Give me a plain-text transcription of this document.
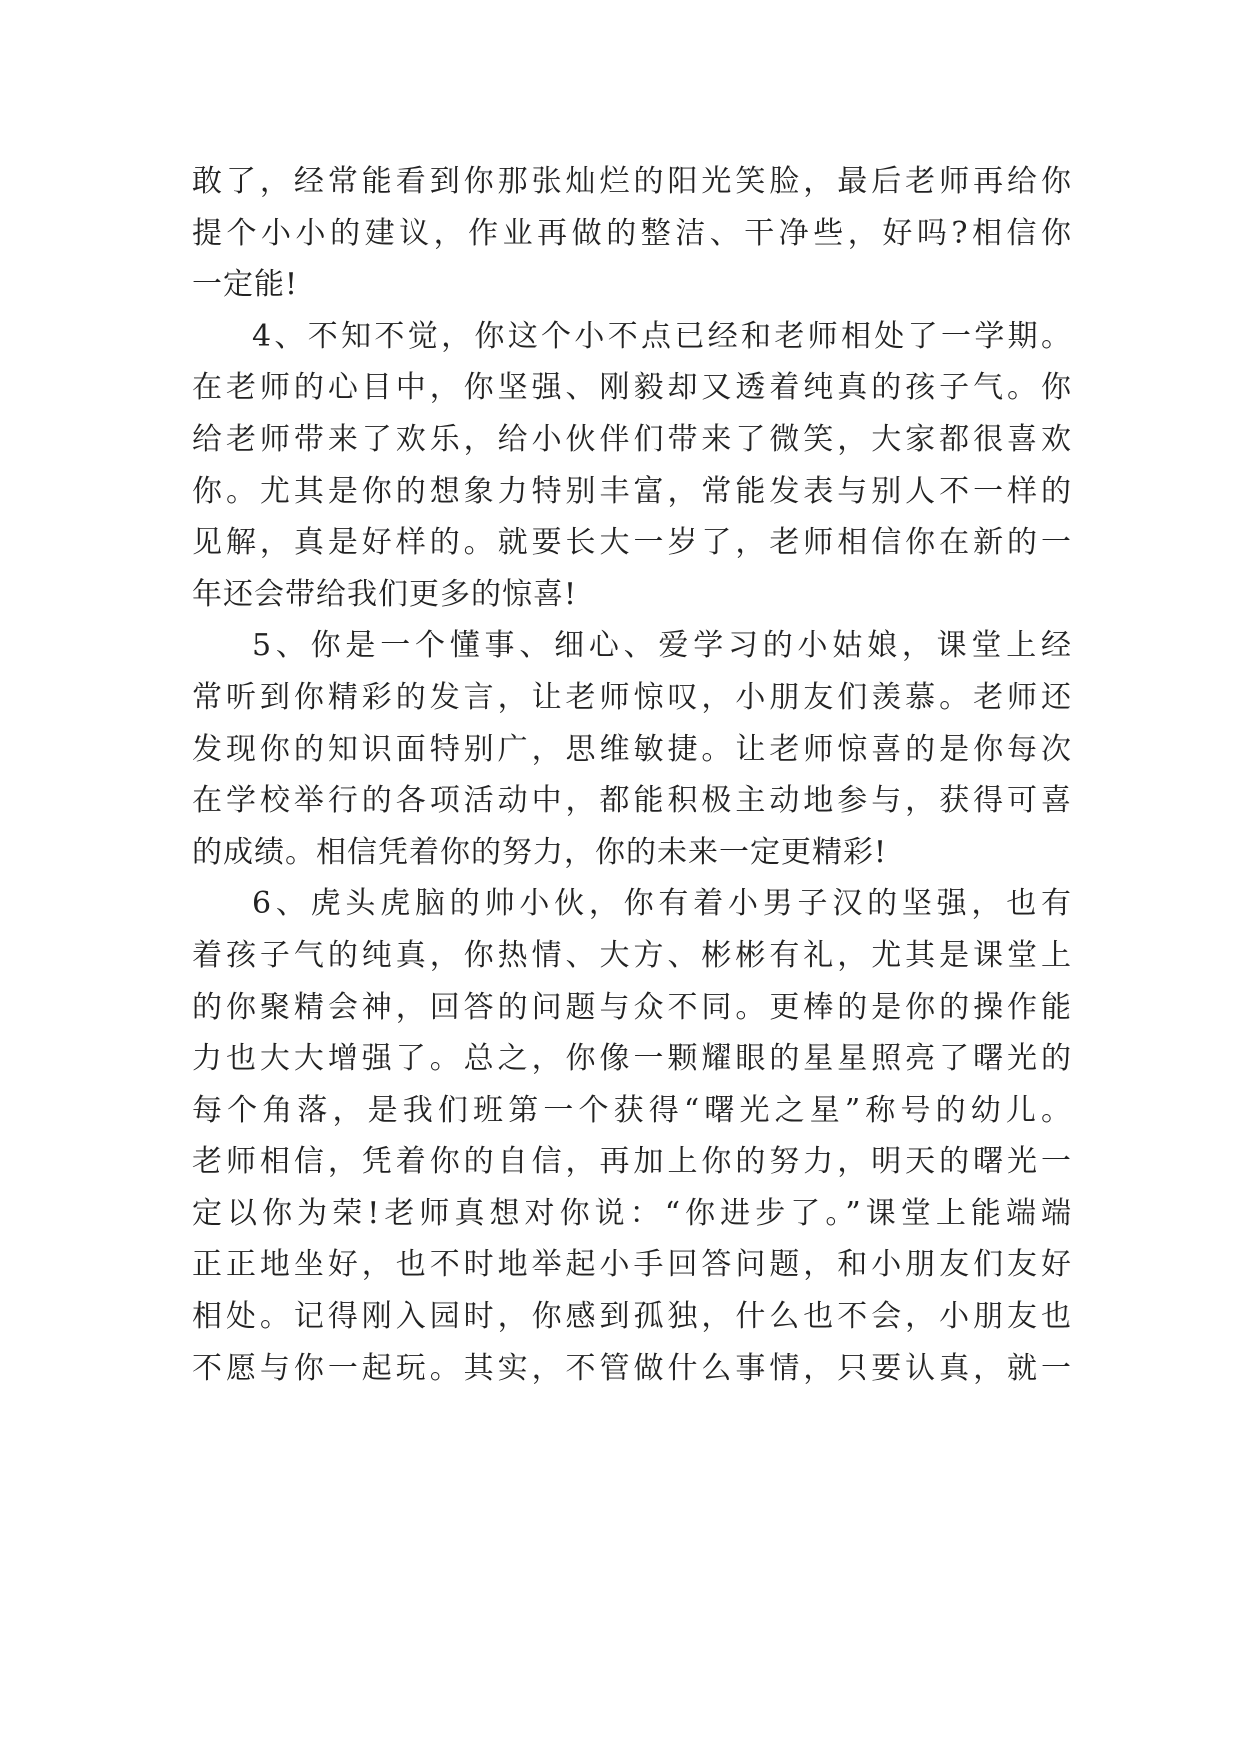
敢了，经常能看到你那张灿烂的阳光笑脸，最后老师再给你
提个小小的建议，作业再做的整洁、干净些，好吗?相信你
一定能!
4、不知不觉，你这个小不点已经和老师相处了一学期。
在老师的心目中，你坚强、刚毅却又透着纯真的孩子气。你
给老师带来了欢乐，给小伙伴们带来了微笑，大家都很喜欢
你。尤其是你的想象力特别丰富，常能发表与别人不一样的
见解，真是好样的。就要长大一岁了，老师相信你在新的一
年还会带给我们更多的惊喜!
5、你是一个懂事、细心、爱学习的小姑娘，课堂上经
常听到你精彩的发言，让老师惊叹，小朋友们羡慕。老师还
发现你的知识面特别广，思维敏捷。让老师惊喜的是你每次
在学校举行的各项活动中，都能积极主动地参与，获得可喜
的成绩。相信凭着你的努力，你的未来一定更精彩!
6、虎头虎脑的帅小伙，你有着小男子汉的坚强，也有
着孩子气的纯真，你热情、大方、彬彬有礼，尤其是课堂上
的你聚精会神，回答的问题与众不同。更棒的是你的操作能
力也大大增强了。总之，你像一颗耀眼的星星照亮了曙光的
每个角落，是我们班第一个获得“曙光之星”称号的幼儿。
老师相信，凭着你的自信，再加上你的努力，明天的曙光一
定以你为荣!老师真想对你说：“你进步了。”课堂上能端端
正正地坐好，也不时地举起小手回答问题，和小朋友们友好
相处。记得刚入园时，你感到孤独，什么也不会，小朋友也
不愿与你一起玩。其实，不管做什么事情，只要认真，就一
